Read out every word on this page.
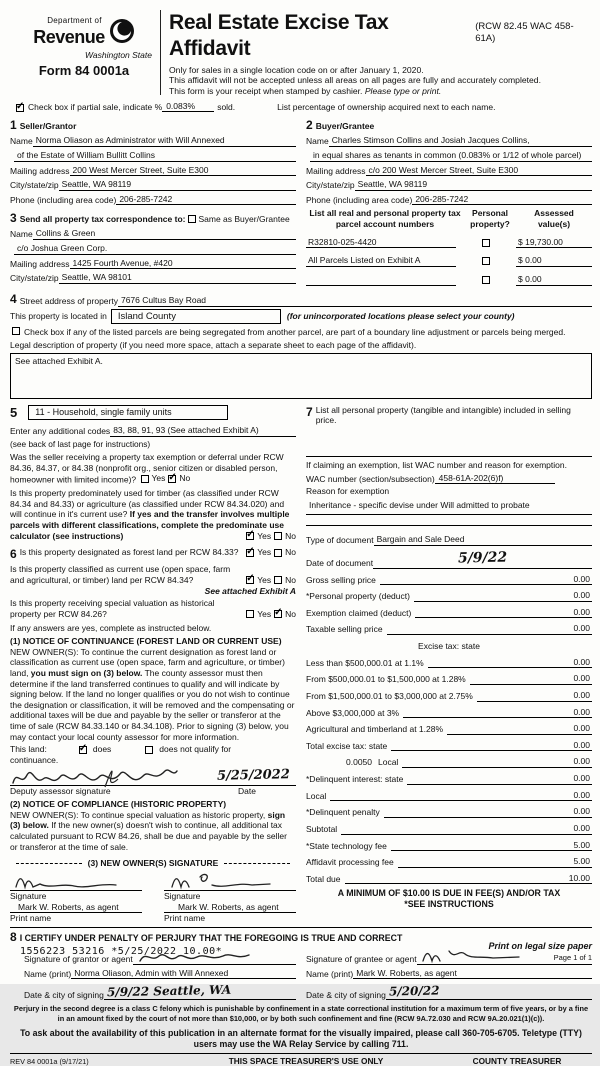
Department of
Revenue
Washington State
Form 84 0001a
Real Estate Excise Tax Affidavit
(RCW 82.45 WAC 458-61A)
Only for sales in a single location code on or after January 1, 2020.
This affidavit will not be accepted unless all areas on all pages are fully and accurately completed.
This form is your receipt when stamped by cashier. Please type or print.
✓
Check box if partial sale, indicate % 0.083%	sold.	List percentage of ownership acquired next to each name.
1 Seller/Grantor
Name Norma Oliason as Administrator with Will Annexed
of the Estate of William Bullitt Collins
Mailing address 200 West Mercer Street, Suite E300
City/state/zip Seattle, WA 98119
Phone (including area code) 206-285-7242
2 Buyer/Grantee
Name Charles Stimson Collins and Josiah Jacques Collins,
in equal shares as tenants in common (0.083% or 1/12 of whole parcel)
Mailing address c/o 200 West Mercer Street, Suite E300
City/state/zip Seattle, WA 98119
Phone (including area code) 206-285-7242
3 Send all property tax correspondence to: Same as Buyer/Grantee
Name Collins & Green
c/o Joshua Green Corp.
Mailing address 1425 Fourth Avenue, #420
City/state/zip Seattle, WA 98101
List all real and personal property tax
parcel account numbers
Personal
property?
Assessed
value(s)
R32810-025-4420	$ 19,730.00
All Parcels Listed on Exhibit A	$ 0.00
$ 0.00
4 Street address of property 7676 Cultus Bay Road
This property is located in	Island County	(for unincorporated locations please select your county)
Check box if any of the listed parcels are being segregated from another parcel, are part of a boundary line adjustment or parcels being merged.
Legal description of property (if you need more space, attach a separate sheet to each page of the affidavit).
See attached Exhibit A.
5	11 - Household, single family units
Enter any additional codes 83, 88, 91, 93 (See attached Exhibit A)
(see back of last page for instructions)
Was the seller receiving a property tax exemption or deferral under RCW 84.36, 84.37, or 84.38 (nonprofit org., senior citizen or disabled person, homeowner with limited income)? Yes ✓ No
Is this property predominately used for timber (as classified under RCW 84.34 and 84.33) or agriculture (as classified under RCW 84.34.020) and will continue in it's current use? If yes and the transfer involves multiple parcels with different classifications, complete the predominate use calculator (see instructions) ✓	Yes No
6 Is this property designated as forest land per RCW 84.33? ✓	Yes No
Is this property classified as current use (open space, farm and agricultural, or timber) land per RCW 84.34? ✓	Yes No
See attached Exhibit A
Is this property receiving special valuation as historical property per RCW 84.26?	Yes ✓ No
If any answers are yes, complete as instructed below.
(1) NOTICE OF CONTINUANCE (FOREST LAND OR CURRENT USE)
NEW OWNER(S): To continue the current designation as forest land or classification as current use (open space, farm and agriculture, or timber) land, you must sign on (3) below. The county assessor must then determine if the land transferred continues to qualify and will indicate by signing below. If the land no longer qualifies or you do not wish to continue the designation or classification, it will be removed and the compensating or additional taxes will be due and payable by the seller or transferor at the time of sale (RCW 84.33.140 or 84.34.108). Prior to signing (3) below, you may contact your local county assessor for more information.
This land: ✓	does	does not qualify for
continuance.
5/25/2022
Deputy assessor signature	Date
(2) NOTICE OF COMPLIANCE (HISTORIC PROPERTY)
NEW OWNER(S): To continue special valuation as historic property, sign (3) below. If the new owner(s) doesn't wish to continue, all additional tax calculated pursuant to RCW 84.26, shall be due and payable by the seller or transferor at the time of sale.
(3) NEW OWNER(S) SIGNATURE
Signature
Mark W. Roberts, as agent
Print name
Signature
Mark W. Roberts, as agent
Print name
7 List all personal property (tangible and intangible) included in selling price.
If claiming an exemption, list WAC number and reason for exemption.
WAC number (section/subsection) 458-61A-202(6)f)
Reason for exemption
Inheritance - specific devise under Will admitted to probate
Type of document Bargain and Sale Deed
Date of document	5/9/22
Gross selling price	0.00
*Personal property (deduct)	0.00
Exemption claimed (deduct)	0.00
Taxable selling price	0.00
Excise tax: state
Less than $500,000.01 at 1.1%	0.00
From $500,000.01 to $1,500,000 at 1.28%	0.00
From $1,500,000.01 to $3,000,000 at 2.75%	0.00
Above $3,000,000 at 3%	0.00
Agricultural and timberland at 1.28%	0.00
Total excise tax: state	0.00
0.0050 Local	0.00
*Delinquent interest: state	0.00
Local	0.00
*Delinquent penalty	0.00
Subtotal	0.00
*State technology fee	5.00
Affidavit processing fee	5.00
Total due	10.00
A MINIMUM OF $10.00 IS DUE IN FEE(S) AND/OR TAX
*SEE INSTRUCTIONS
8 I CERTIFY UNDER PENALTY OF PERJURY THAT THE FOREGOING IS TRUE AND CORRECT
Signature of grantor or agent
Name (print) Norma Oliason, Admin with Will Annexed
Date & city of signing 5/9/22 Seattle, WA
Signature of grantee or agent
Name (print) Mark W. Roberts, as agent
Date & city of signing 5/20/22
Perjury in the second degree is a class C felony which is punishable by confinement in a state correctional institution for a maximum term of five years, or by a fine in an amount fixed by the court of not more than $10,000, or by both such confinement and fine (RCW 9A.72.030 and RCW 9A.20.021(1)(c)).
To ask about the availability of this publication in an alternate format for the visually impaired, please call 360-705-6705. Teletype (TTY) users may use the WA Relay Service by calling 711.
REV 84 0001a (9/17/21)	THIS SPACE TREASURER'S USE ONLY	COUNTY TREASURER
1556223 53216 *5/25/2022 10.00*	Print on legal size paper
Page 1 of 1
